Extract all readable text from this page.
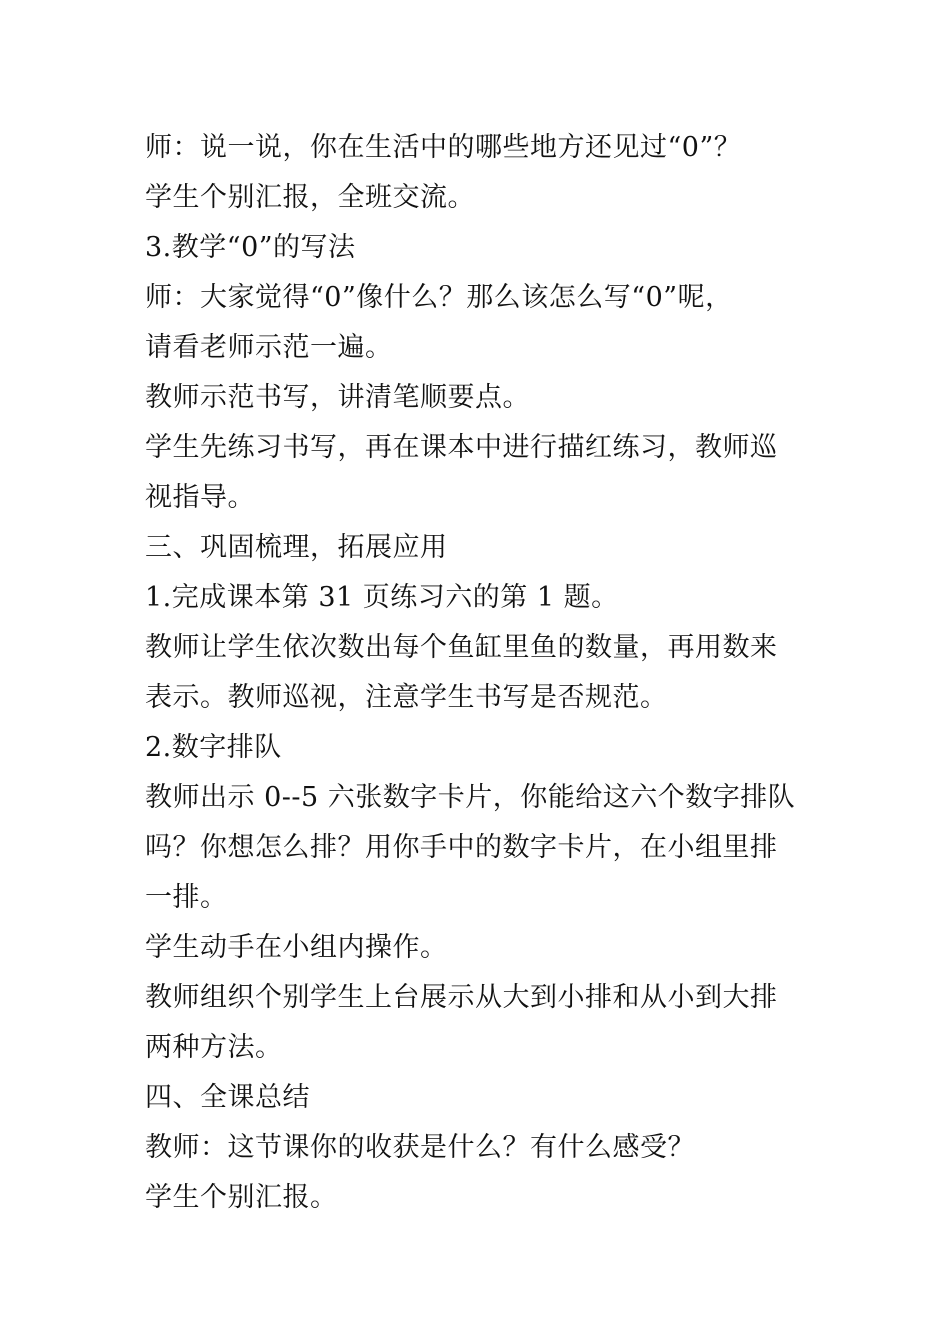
师：说一说，你在生活中的哪些地方还见过“0”？
学生个别汇报，全班交流。
3.教学“0”的写法
师：大家觉得“0”像什么？那么该怎么写“0”呢，
请看老师示范一遍。
教师示范书写，讲清笔顺要点。
学生先练习书写，再在课本中进行描红练习，教师巡
视指导。
三、巩固梳理，拓展应用
1.完成课本第 31 页练习六的第 1 题。
教师让学生依次数出每个鱼缸里鱼的数量，再用数来
表示。教师巡视，注意学生书写是否规范。
2.数字排队
教师出示 0--5 六张数字卡片，你能给这六个数字排队
吗？你想怎么排？用你手中的数字卡片，在小组里排
一排。
学生动手在小组内操作。
教师组织个别学生上台展示从大到小排和从小到大排
两种方法。
四、全课总结
教师：这节课你的收获是什么？有什么感受？
学生个别汇报。
